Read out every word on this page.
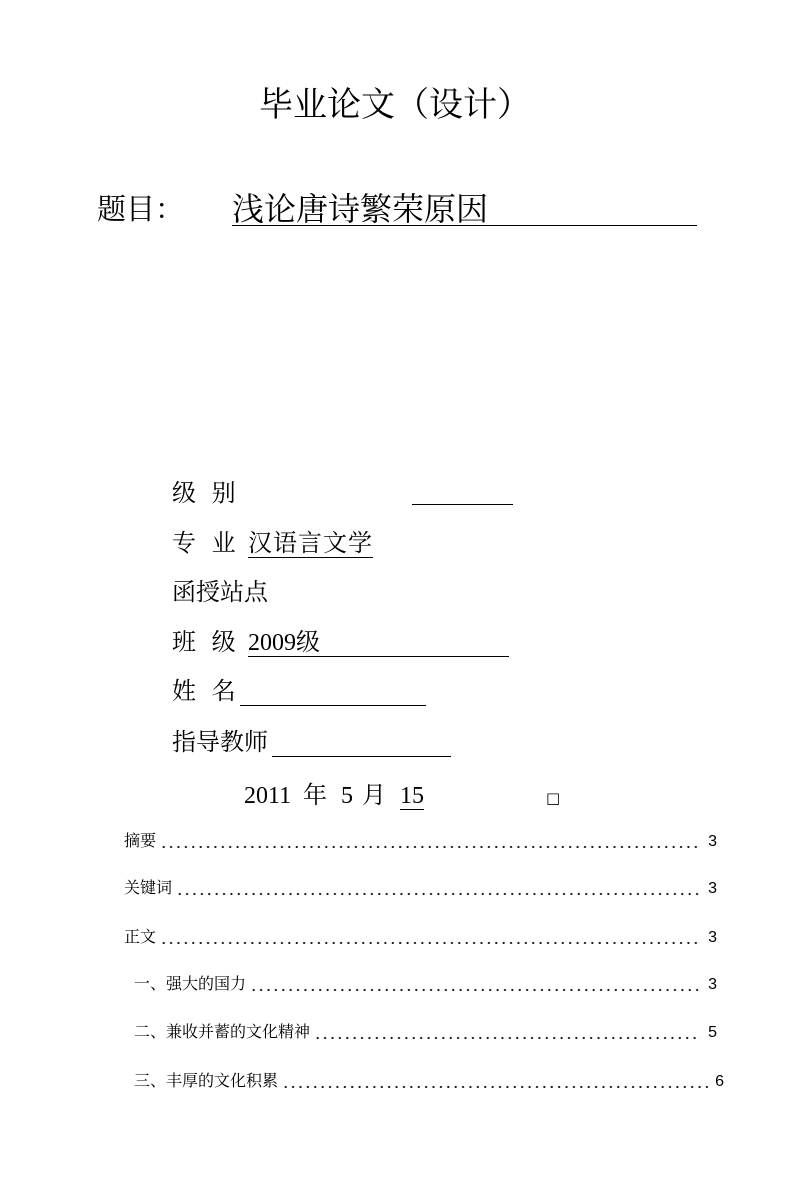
毕业论文（设计）
题目： 浅论唐诗繁荣原因
级 别
专 业 汉语言文学
函授站点
班 级 2009级
姓 名
指导教师
2011 年 5 月 15	□
摘要	3
关键词	3
正文	3
一、强大的国力	3
二、兼收并蓄的文化精神	5
三、丰厚的文化积累	6
